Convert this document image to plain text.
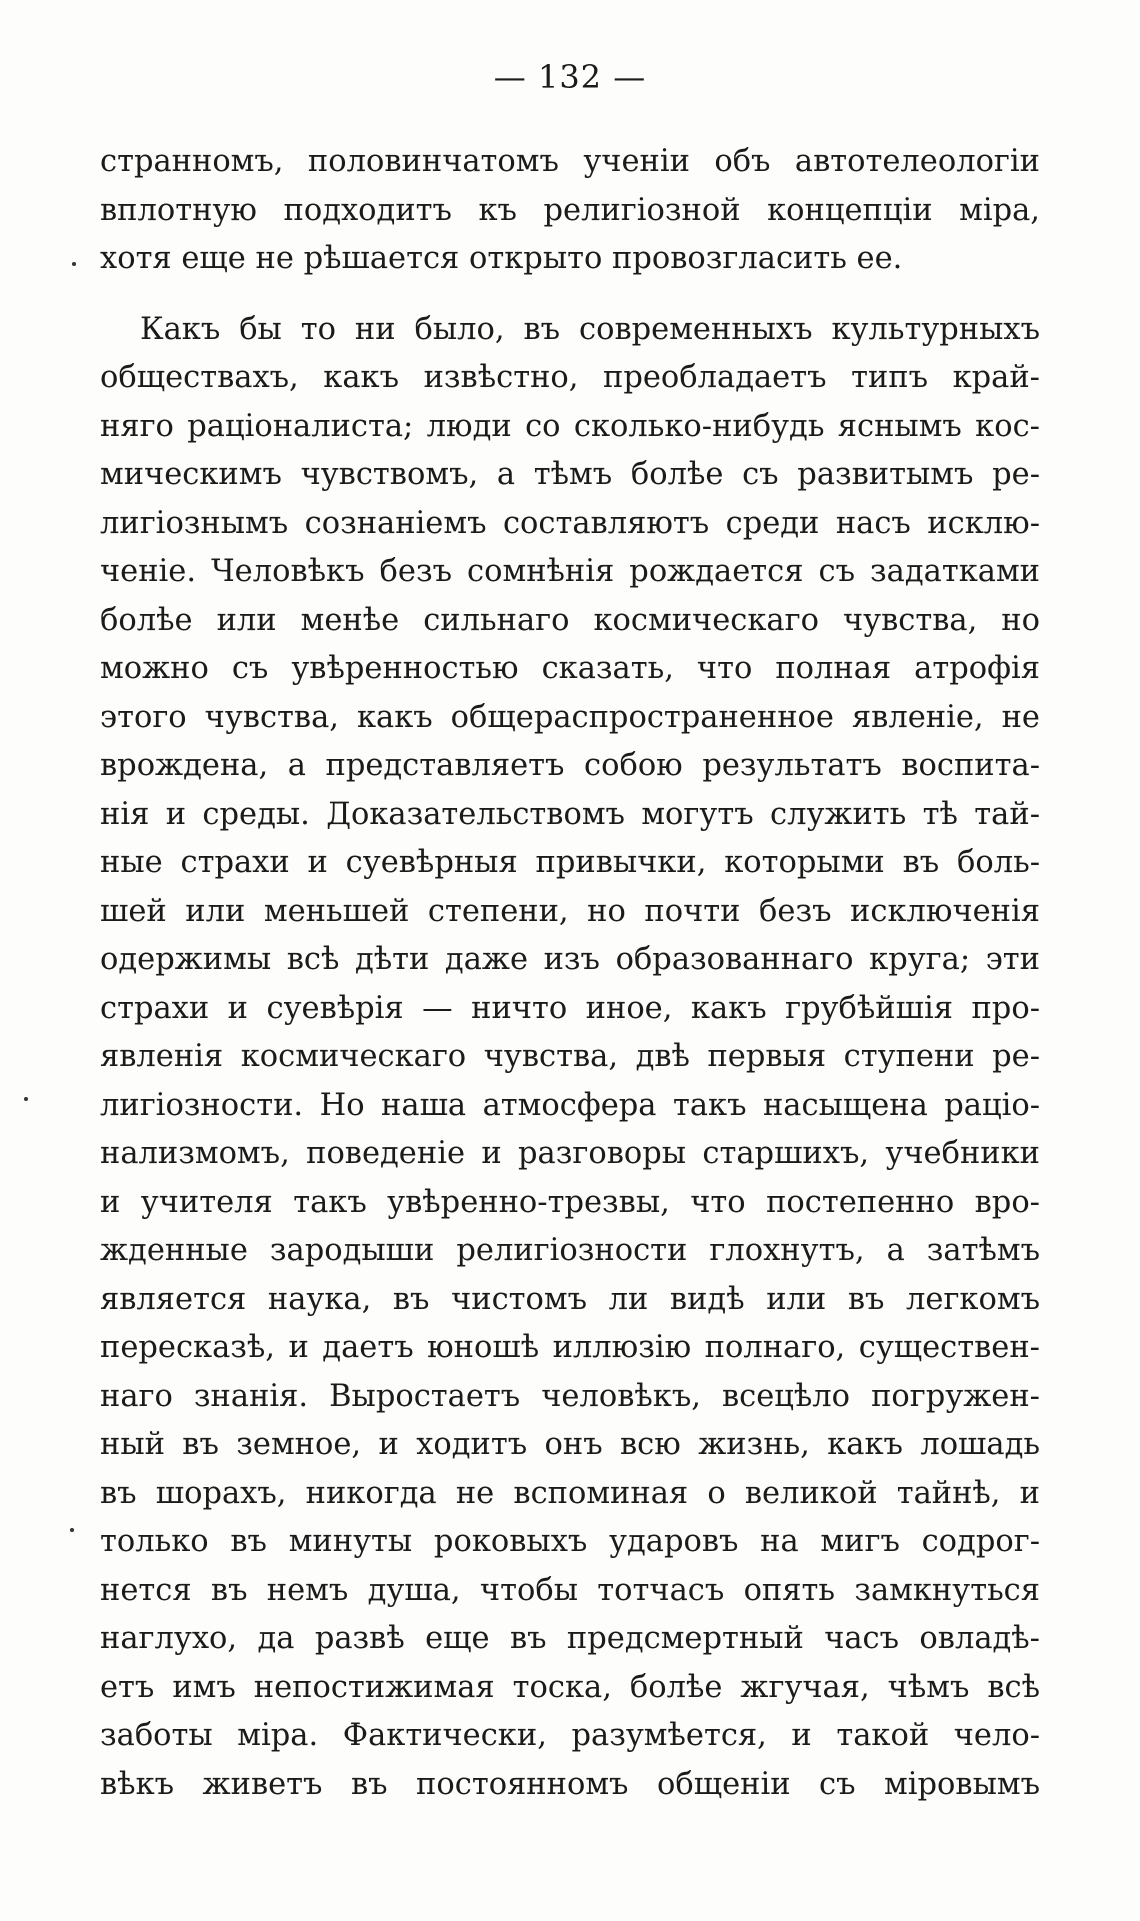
— 132 —
странномъ, половинчатомъ ученіи объ автотелеологіи
вплотную подходитъ къ религіозной концепціи міра,
хотя еще не рѣшается открыто провозгласить ее.
Какъ бы то ни было, въ современныхъ культурныхъ
обществахъ, какъ извѣстно, преобладаетъ типъ край-
няго раціоналиста; люди со сколько-нибудь яснымъ кос-
мическимъ чувствомъ, а тѣмъ болѣе съ развитымъ ре-
лигіознымъ сознаніемъ составляютъ среди насъ исклю-
ченіе. Человѣкъ безъ сомнѣнія рождается съ задатками
болѣе или менѣе сильнаго космическаго чувства, но
можно съ увѣренностью сказать, что полная атрофія
этого чувства, какъ общераспространенное явленіе, не
врождена, а представляетъ собою результатъ воспита-
нія и среды. Доказательствомъ могутъ служить тѣ тай-
ные страхи и суевѣрныя привычки, которыми въ боль-
шей или меньшей степени, но почти безъ исключенія
одержимы всѣ дѣти даже изъ образованнаго круга; эти
страхи и суевѣрія — ничто иное, какъ грубѣйшія про-
явленія космическаго чувства, двѣ первыя ступени ре-
лигіозности. Но наша атмосфера такъ насыщена раціо-
нализмомъ, поведеніе и разговоры старшихъ, учебники
и учителя такъ увѣренно-трезвы, что постепенно вро-
жденные зародыши религіозности глохнутъ, а затѣмъ
является наука, въ чистомъ ли видѣ или въ легкомъ
пересказѣ, и даетъ юношѣ иллюзію полнаго, существен-
наго знанія. Выростаетъ человѣкъ, всецѣло погружен-
ный въ земное, и ходитъ онъ всю жизнь, какъ лошадь
въ шорахъ, никогда не вспоминая о великой тайнѣ, и
только въ минуты роковыхъ ударовъ на мигъ содрог-
нется въ немъ душа, чтобы тотчасъ опять замкнуться
наглухо, да развѣ еще въ предсмертный часъ овладѣ-
етъ имъ непостижимая тоска, болѣе жгучая, чѣмъ всѣ
заботы міра. Фактически, разумѣется, и такой чело-
вѣкъ живетъ въ постоянномъ общеніи съ міровымъ
